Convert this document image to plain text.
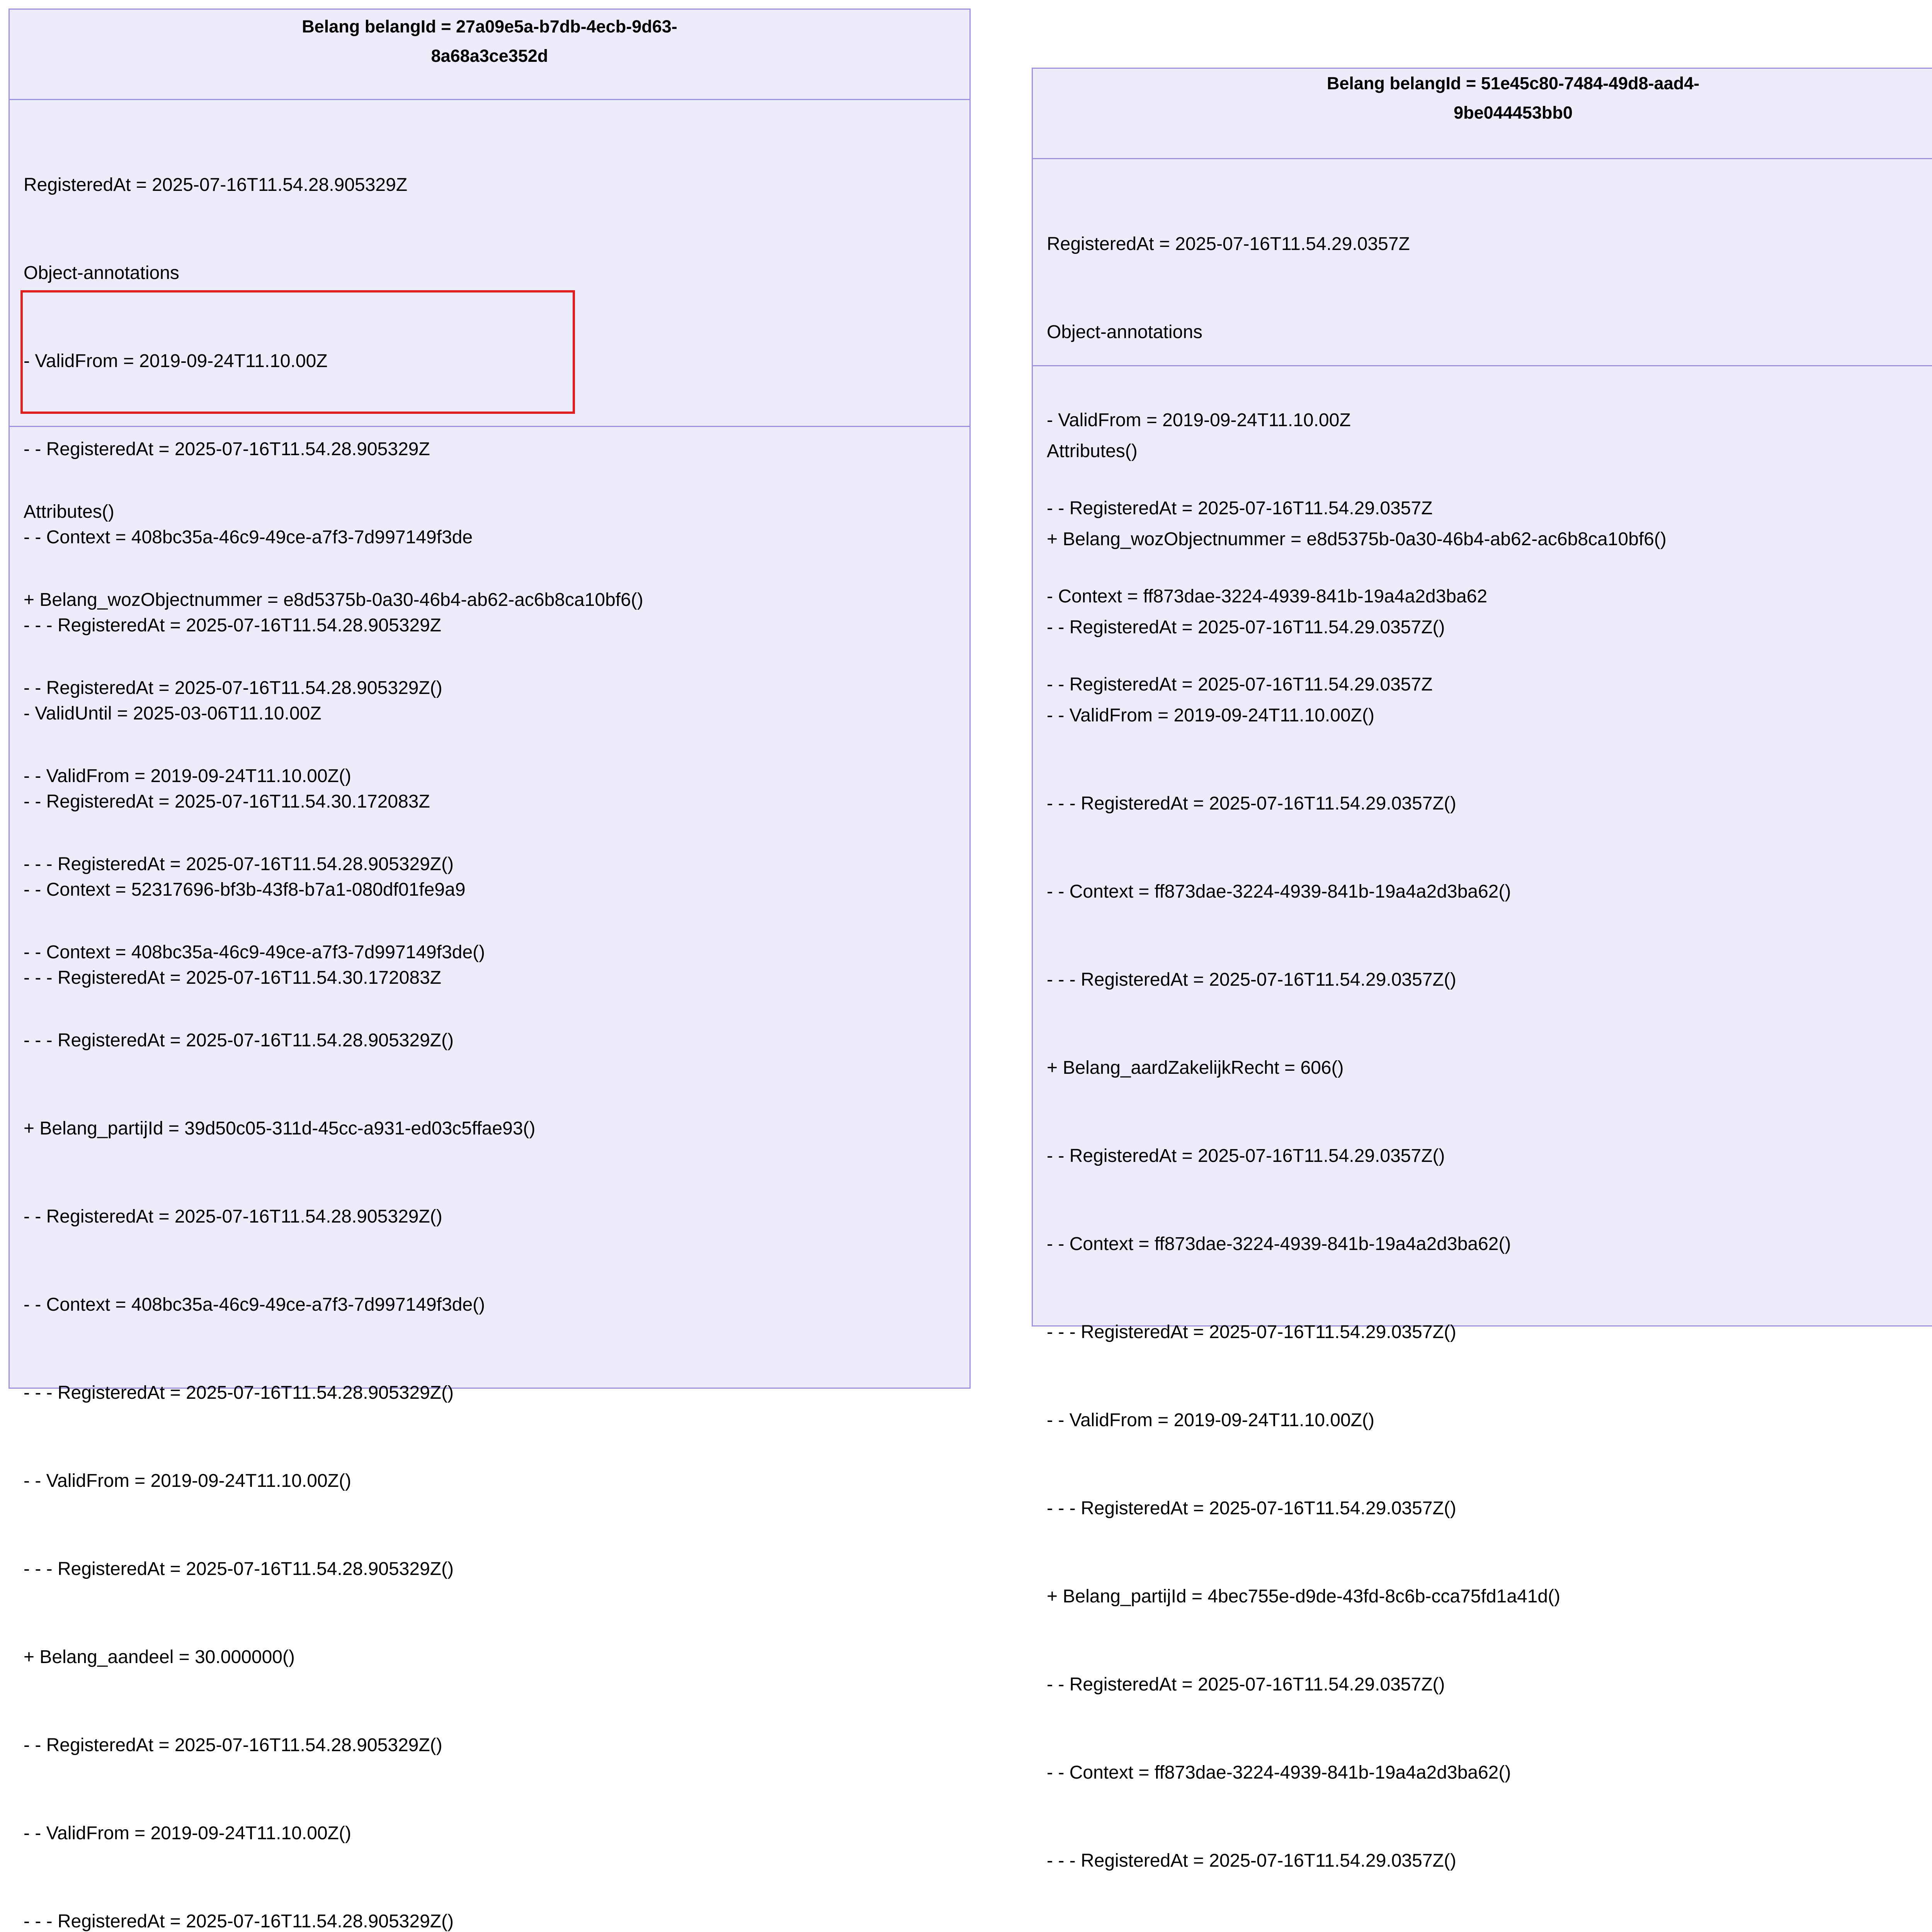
Belang belangId = 27a09e5a-b7db-4ecb-9d63-
8a68a3ce352d

RegisteredAt = 2025-07-16T11.54.28.905329Z

Object-annotations

- ValidFrom = 2019-09-24T11.10.00Z

- - RegisteredAt = 2025-07-16T11.54.28.905329Z

- - Context = 408bc35a-46c9-49ce-a7f3-7d997149f3de

- - - RegisteredAt = 2025-07-16T11.54.28.905329Z

- ValidUntil = 2025-03-06T11.10.00Z

- - RegisteredAt = 2025-07-16T11.54.30.172083Z

- - Context = 52317696-bf3b-43f8-b7a1-080df01fe9a9

- - - RegisteredAt = 2025-07-16T11.54.30.172083Z

Attributes()

+ Belang_wozObjectnummer = e8d5375b-0a30-46b4-ab62-ac6b8ca10bf6()

- - RegisteredAt = 2025-07-16T11.54.28.905329Z()

- - ValidFrom = 2019-09-24T11.10.00Z()

- - - RegisteredAt = 2025-07-16T11.54.28.905329Z()

- - Context = 408bc35a-46c9-49ce-a7f3-7d997149f3de()

- - - RegisteredAt = 2025-07-16T11.54.28.905329Z()

+ Belang_partijId = 39d50c05-311d-45cc-a931-ed03c5ffae93()

- - RegisteredAt = 2025-07-16T11.54.28.905329Z()

- - Context = 408bc35a-46c9-49ce-a7f3-7d997149f3de()

- - - RegisteredAt = 2025-07-16T11.54.28.905329Z()

- - ValidFrom = 2019-09-24T11.10.00Z()

- - - RegisteredAt = 2025-07-16T11.54.28.905329Z()

+ Belang_aandeel = 30.000000()

- - RegisteredAt = 2025-07-16T11.54.28.905329Z()

- - ValidFrom = 2019-09-24T11.10.00Z()

- - - RegisteredAt = 2025-07-16T11.54.28.905329Z()

Belang belangId = 51e45c80-7484-49d8-aad4-
9be044453bb0

RegisteredAt = 2025-07-16T11.54.29.0357Z

Object-annotations

- ValidFrom = 2019-09-24T11.10.00Z

- - RegisteredAt = 2025-07-16T11.54.29.0357Z

- Context = ff873dae-3224-4939-841b-19a4a2d3ba62

- - RegisteredAt = 2025-07-16T11.54.29.0357Z

Attributes()

+ Belang_wozObjectnummer = e8d5375b-0a30-46b4-ab62-ac6b8ca10bf6()

- - RegisteredAt = 2025-07-16T11.54.29.0357Z()

- - ValidFrom = 2019-09-24T11.10.00Z()

- - - RegisteredAt = 2025-07-16T11.54.29.0357Z()

- - Context = ff873dae-3224-4939-841b-19a4a2d3ba62()

- - - RegisteredAt = 2025-07-16T11.54.29.0357Z()

+ Belang_aardZakelijkRecht = 606()

- - RegisteredAt = 2025-07-16T11.54.29.0357Z()

- - Context = ff873dae-3224-4939-841b-19a4a2d3ba62()

- - - RegisteredAt = 2025-07-16T11.54.29.0357Z()

- - ValidFrom = 2019-09-24T11.10.00Z()

- - - RegisteredAt = 2025-07-16T11.54.29.0357Z()

+ Belang_partijId = 4bec755e-d9de-43fd-8c6b-cca75fd1a41d()

- - RegisteredAt = 2025-07-16T11.54.29.0357Z()

- - Context = ff873dae-3224-4939-841b-19a4a2d3ba62()

- - - RegisteredAt = 2025-07-16T11.54.29.0357Z()
